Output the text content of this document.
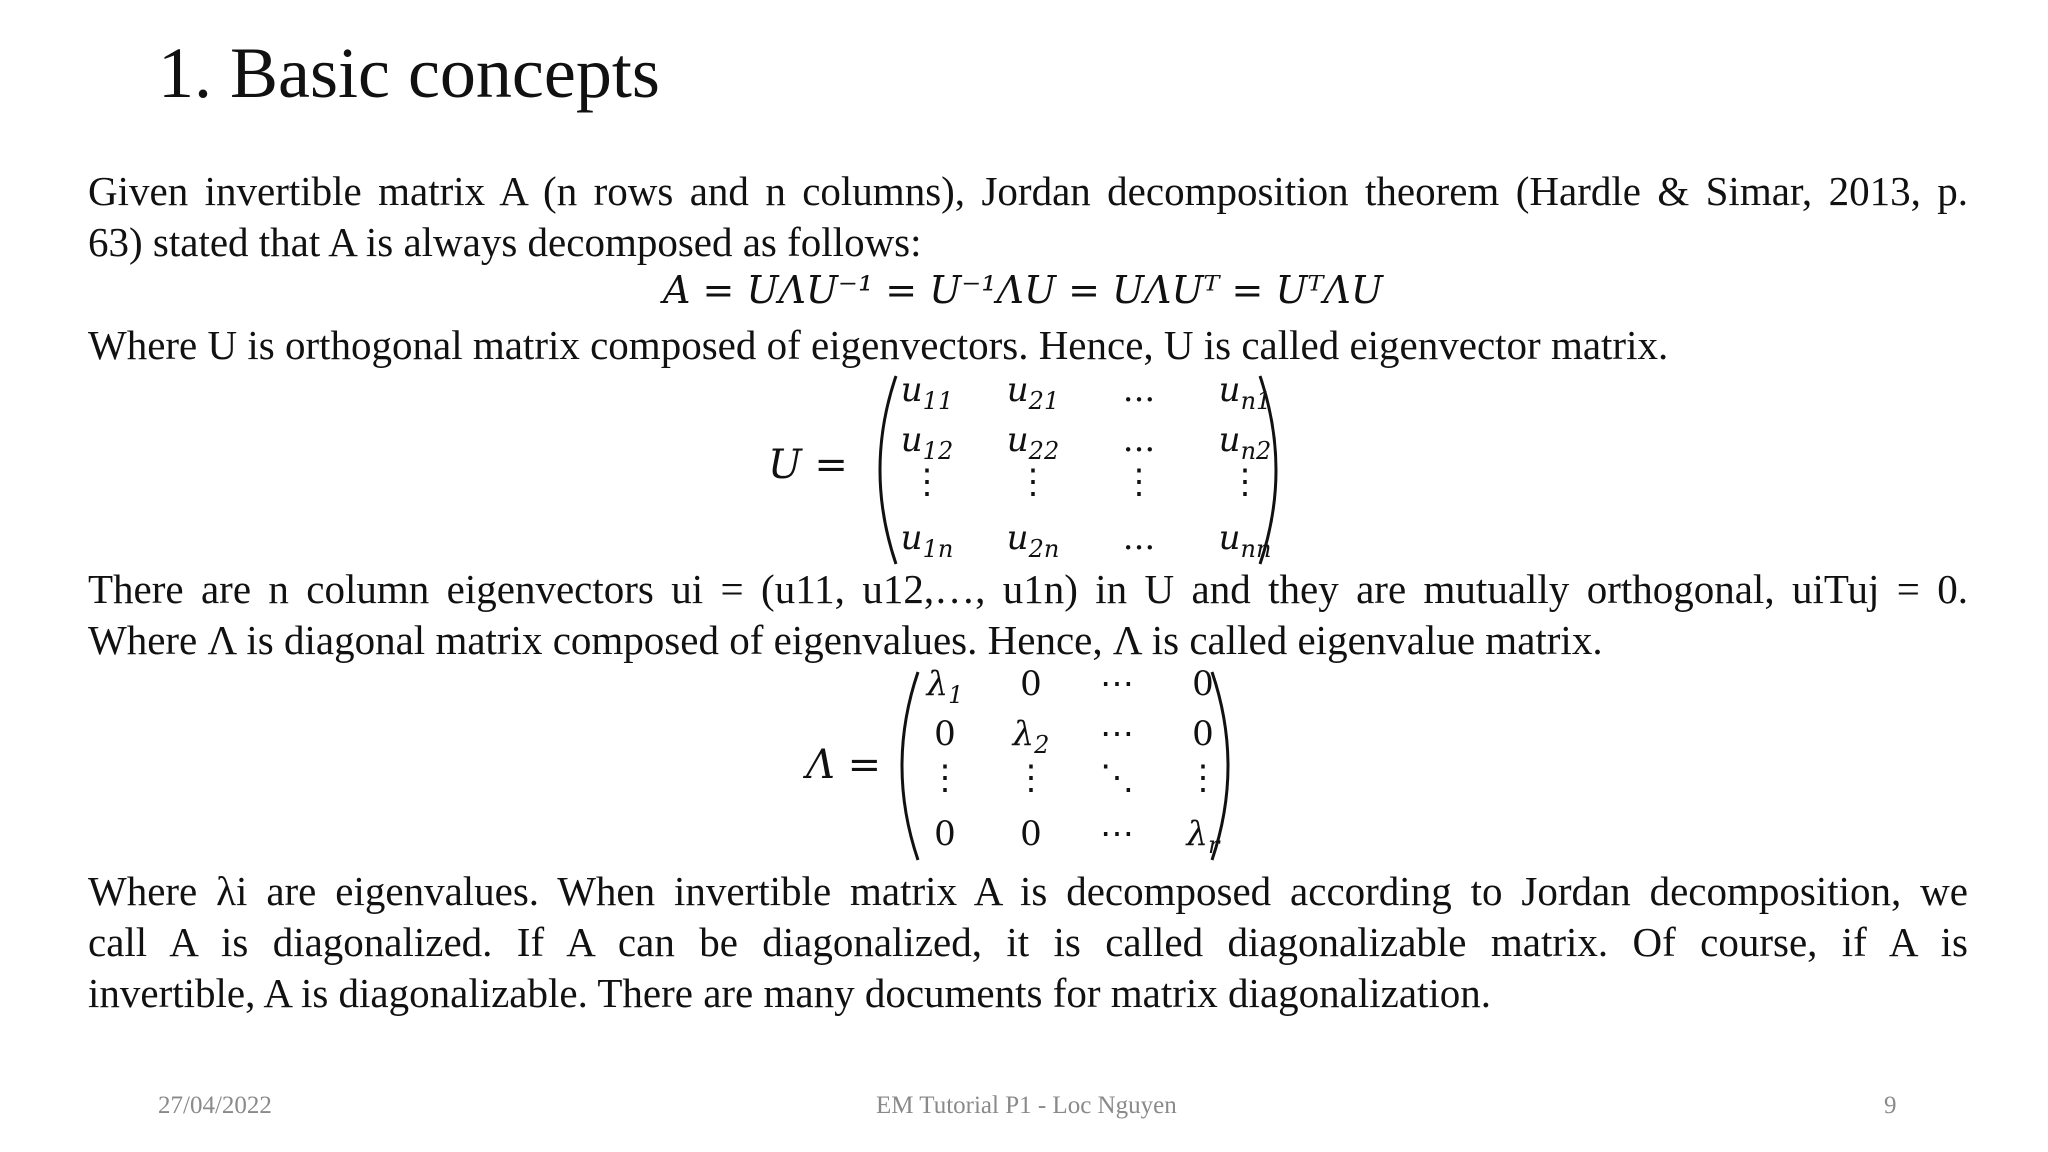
1. Basic concepts
Given invertible matrix A (n rows and n columns), Jordan decomposition theorem (Hardle & Simar, 2013, p.
63) stated that A is always decomposed as follows:
A = UΛU⁻¹ = U⁻¹ΛU = UΛUᵀ = UᵀΛU
Where U is orthogonal matrix composed of eigenvectors. Hence, U is called eigenvector matrix.
U =
$u_{11}$	$u_{21}$	...	$u_{n1}$
$u_{12}$	$u_{22}$	...	$u_{n2}$
⋮	⋮	⋮	⋮
$u_{1n}$	$u_{2n}$	...	$u_{nn}$
There are n column eigenvectors ui = (u11, u12,…, u1n) in U and they are mutually orthogonal, uiTuj = 0.
Where Λ is diagonal matrix composed of eigenvalues. Hence, Λ is called eigenvalue matrix.
Λ =
$\lambda_1$	0	⋯	0
0	$\lambda_2$	⋯	0
⋮	⋮	⋱	⋮
0	0	⋯	$\lambda_r$
Where λi are eigenvalues. When invertible matrix A is decomposed according to Jordan decomposition, we
call A is diagonalized. If A can be diagonalized, it is called diagonalizable matrix. Of course, if A is
invertible, A is diagonalizable. There are many documents for matrix diagonalization.
27/04/2022	EM Tutorial P1 - Loc Nguyen	9
